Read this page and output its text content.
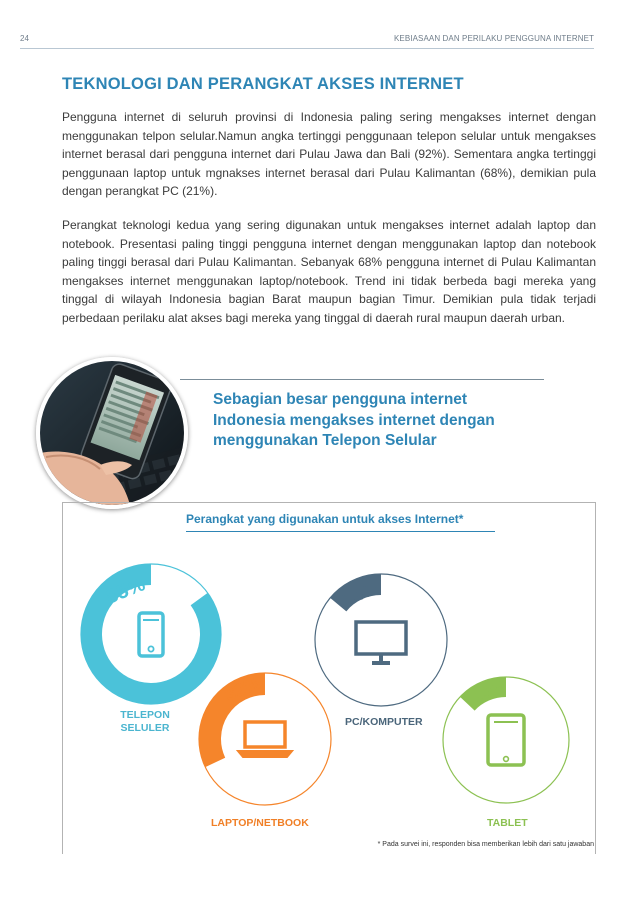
24	KEBIASAAN DAN PERILAKU PENGGUNA INTERNET
TEKNOLOGI DAN PERANGKAT AKSES INTERNET

Pengguna internet di seluruh provinsi di Indonesia paling sering mengakses internet dengan menggunakan telpon selular.Namun angka tertinggi penggunaan telepon selular untuk mengakses internet berasal dari pengguna internet dari Pulau Jawa dan Bali (92%). Sementara angka tertinggi penggunaan laptop untuk mgnakses internet berasal dari Pulau Kalimantan (68%), demikian pula dengan perangkat PC (21%).

Perangkat teknologi kedua yang sering digunakan untuk mengakses internet adalah laptop dan notebook. Presentasi paling tinggi pengguna internet dengan menggunakan laptop dan notebook paling tinggi berasal dari Pulau Kalimantan. Sebanyak 68% pengguna internet di Pulau Kalimantan mengakses internet menggunakan laptop/notebook. Trend ini tidak berbeda bagi mereka yang tinggal di wilayah Indonesia bagian Barat maupun bagian Timur. Demikian pula tidak terjadi perbedaan perilaku alat akses bagi mereka yang tinggal di daerah rural maupun daerah urban.

Sebagian besar pengguna internet Indonesia mengakses internet dengan menggunakan Telepon Selular

Perangkat yang digunakan untuk akses Internet*
85%	14%
32%	13%
TELEPON SELULER	PC/KOMPUTER
LAPTOP/NETBOOK	TABLET
* Pada survei ini, responden bisa memberikan lebih dari satu jawaban
